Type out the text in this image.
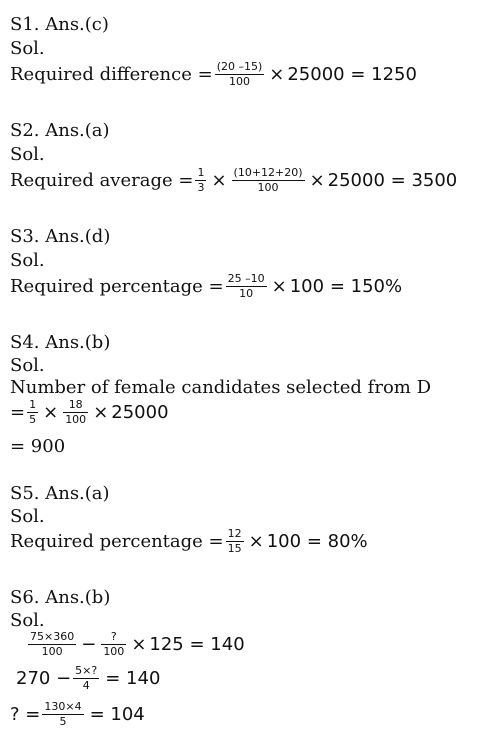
S1. Ans.(c)
Sol.
Required difference = $\frac{(20 -15)}{100} \times 25000 = 1250$
S2. Ans.(a)
Sol.
Required average = $\frac{1}{3} \times \frac{(10+12+20)}{100} \times 25000 = 3500$
S3. Ans.(d)
Sol.
Required percentage = $\frac{25 -10}{10} \times 100 = 150\%$
S4. Ans.(b)
Sol.
Number of female candidates selected from D
= $\frac{1}{5} \times \frac{18}{100} \times 25000$
= 900
S5. Ans.(a)
Sol.
Required percentage = $\frac{12}{15} \times 100 = 80\%$
S6. Ans.(b)
Sol.
$\frac{75\times 360}{100} - \frac{?}{100} \times 125 = 140$
$270 - \frac{5\times?}{4} = 140$
? = $\frac{130\times 4}{5} = 104$
